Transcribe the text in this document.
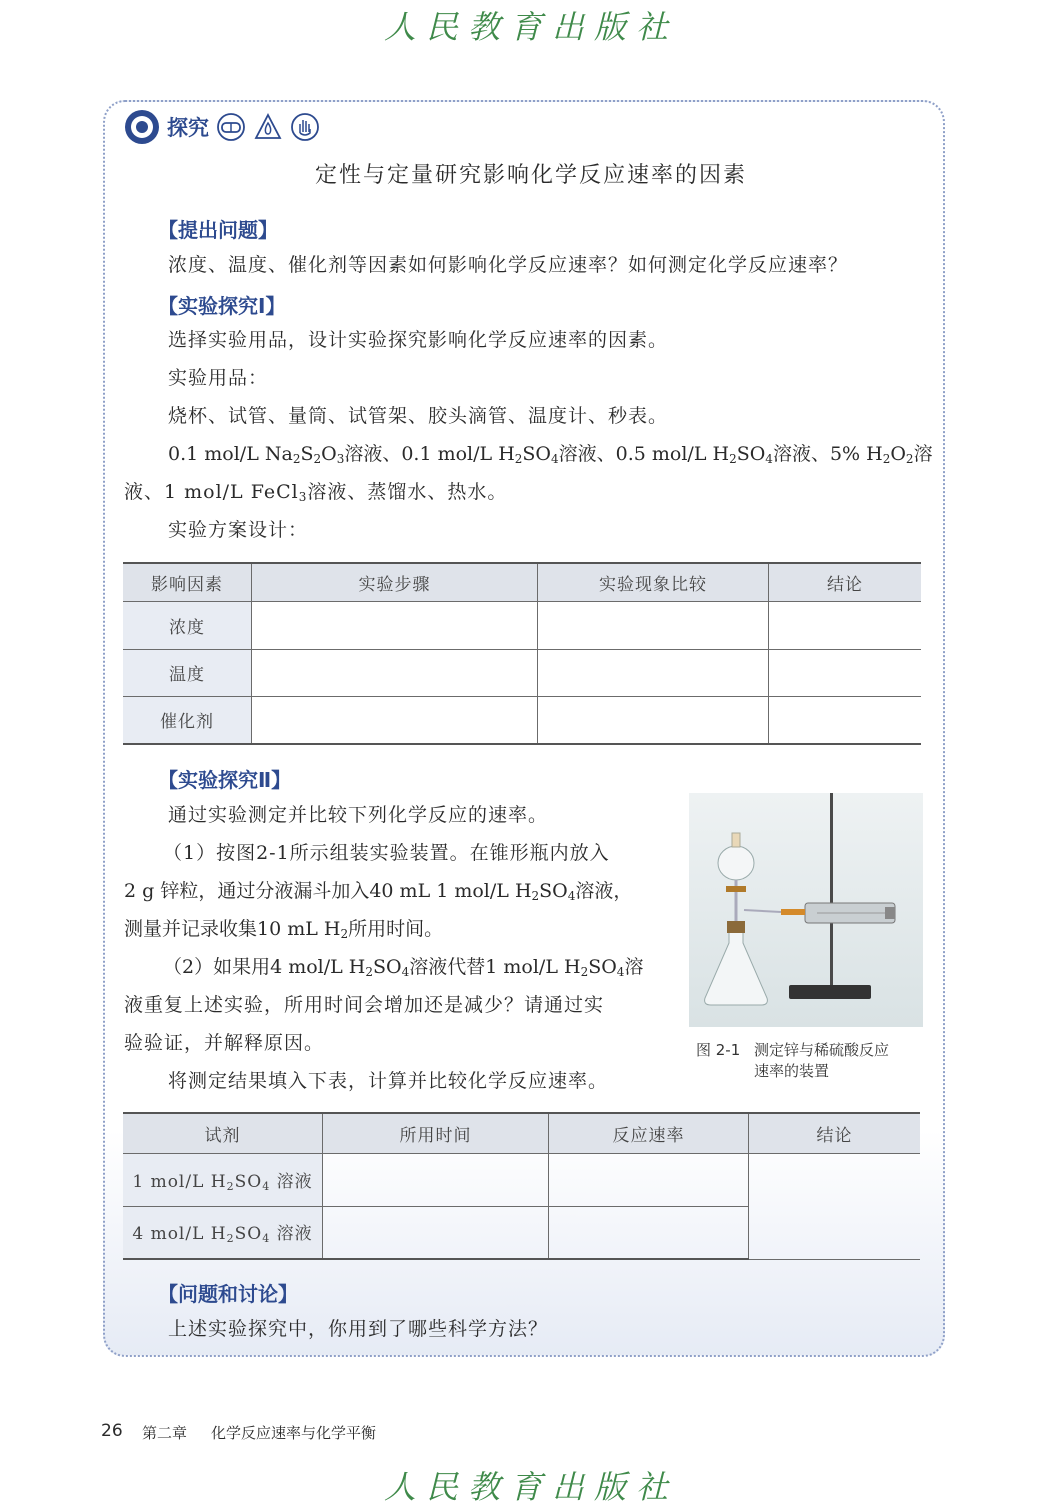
人民教育出版社
探究
定性与定量研究影响化学反应速率的因素
【提出问题】
浓度、温度、催化剂等因素如何影响化学反应速率？如何测定化学反应速率？
【实验探究Ⅰ】
选择实验用品，设计实验探究影响化学反应速率的因素。
实验用品：
烧杯、试管、量筒、试管架、胶头滴管、温度计、秒表。
0.1 mol/L $Na_2S_2O_3$溶液、0.1 mol/L $H_2SO_4$溶液、0.5 mol/L $H_2SO_4$溶液、5% $H_2O_2$溶
液、1 mol/L FeCl$_3$溶液、蒸馏水、热水。
实验方案设计：
影响因素	实验步骤	实验现象比较	结论
浓度			
温度			
催化剂			
【实验探究Ⅱ】
通过实验测定并比较下列化学反应的速率。
（1）按图2-1所示组装实验装置。在锥形瓶内放入
2 g 锌粒，通过分液漏斗加入40 mL 1 mol/L $H_2SO_4$溶液，
测量并记录收集10 mL $H_2$所用时间。
（2）如果用4 mol/L $H_2SO_4$溶液代替1 mol/L $H_2SO_4$溶
液重复上述实验，所用时间会增加还是减少？请通过实
验验证，并解释原因。
将测定结果填入下表，计算并比较化学反应速率。
图 2-1 测定锌与稀硫酸反应
速率的装置
试剂	所用时间	反应速率	结论
1 mol/L $H_2SO_4$ 溶液			
4 mol/L $H_2SO_4$ 溶液			
【问题和讨论】
上述实验探究中，你用到了哪些科学方法？
26 第二章 化学反应速率与化学平衡
人民教育出版社
